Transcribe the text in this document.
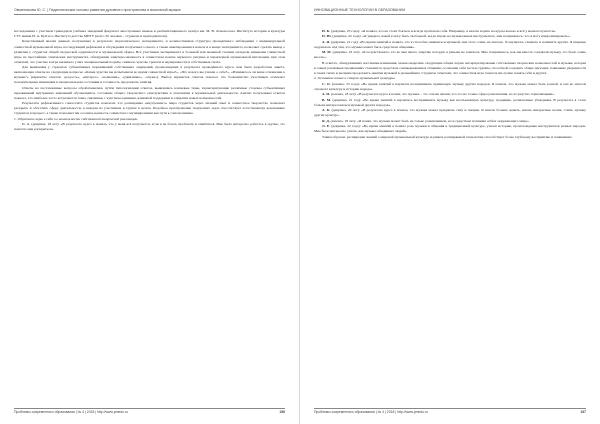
Овчинникова Ю. С. | Педагогические основы развития духовного пространства в вокальной музыке

исследования с участием тринадцати учебных заведений факультет иностранных языков и реабилитационного центра им. М. В. Ломоносова, Института истории и культуры ГТУ имени Н. А. Булгаса, Института детства МПГУ (всего 50 человек – студенты и преподаватели).

Качественный анализ данных, полученных в результате педагогического эксперимента, и количественная структура проведённого наблюдения с индивидуальной совместной музыкальной игры, последующий рефлексии и обсуждения полученного опыта, а также анкетирования в начале и в конце эксперимента, позволяет сделать вывод о развитии у студентов общей творческой одарённости и музыкальной сферы. Все участники эксперимента в большей или меньшей степени овладели навыками совместной игры на простейших этнических инструментах, обнаружили заинтересованность в совместном поиске звукового рисунка и характерной музыкальной интонации, при этом отмечали, что участие в игре вызывало у них эмоциональный подъём, снижало чувство тревоги и неуверенности в собственных силах.

Для выявления у студентов субъективных переживаний собственных ощущений, произошедших в результате проведённого курса, нам была разработана анкета, включающая ответы на следующие вопросы: «Какие чувства вы испытывали во время совместной игры?», «Что нового вы узнали о себе?», «Изменилось ли ваше отношение к музыке?» (варианты ответов: «радость», «интерес», «волнение», «удивление», «скука»). Выбор вариантов ответов показал, что большинство участников отмечают положительные изменения в эмоциональном состоянии и готовность продолжать занятия.

Ответы на поставленные вопросы обрабатывались путём типологизации ответов, выявлялись ключевые темы, характеризующие различные стороны субъективных переживаний внутренних изменений обучающихся, состояние общего творческого самочувствия и отношения к музыкальной деятельности. Анализ полученных ответов показал, что наиболее часто встречаются темы, связанные с чувством единения, взаимной поддержки и открытия новых возможностей.

Результаты рефлексивного самоотчёта студентов показали, что расширение «внутреннего» мира студентов через личный опыт и совместное творчество позволяет раскрыть и обогатить сферу деятельности, в каждом из участников и группе в целом. Подобное преображение творческих задач способствует естественному вовлечению студентов в процесс, а также позволяет им осознать ценность совместного музицирования как пути к самопознанию.

1. Обретение веры в себя и в возможности собственной творческой реализации.

П. А. (девушка, 18 лет): «В результате курса я поняла, что у меня всё получается, если я не боюсь пробовать и ошибаться. Мне было интересно работать в группе, это помогло мне раскрыться».

Проблемы современного образования | № 4 | 2018 | http://www.pmedu.ru	196
ИННОВАЦИОННЫЕ ТЕХНОЛОГИИ В ОБРАЗОВАНИИ

Н. К. (девушка, 23 года): «Я поняла, что не стоит бояться и всегда пробовать себя. Например, я начала ходить на курсы вокала и всё у меня получается».

П. Ю. (девушка, 22 года): «Я увидела, какой я могу быть свободной, когда играю на музыкальных инструментах, мне понравилось, что я могу импровизировать».

А. Я. (девушка, 21 год): «Во время занятий я поняла, что я способна заниматься музыкой, мне этого очень не хватало. Я научилась слышать и понимать других. Я впервые задумалась над тем, что музыка может быть средством общения».

М. М. (девушка, 19 лет): «Я почувствовала, что во мне много энергии, которую я раньше не замечала. Мне понравилось, как мы вместе создавали музыку, это было очень весело».

В ответах, обнаруживших наставшие изменения, можно выделить следующие общие черты: интерпретирование собственных творческих возможностей и музыки, которая в самых различных проявлениях становится средством самовыражения и общения; осознание себя частью группы, способной создавать общее звучание; появление уверенности в своих силах и желание продолжать занятия музыкой в дальнейшем. Студенты отмечали, что совместная игра помогла им лучше понять себя и других.

2. Осознание новых и сторон музыкальной культуры.

С. О. (юноша, 23 года): «Во время занятий я научился воспринимать привычную музыку других народов. Я поняла, что музыка может быть разной, и она во многом отражает культуру и историю народа».

А. И. (юноша, 18 лет): «В результате курса я понял, что музыка – это основа жизни, что это не только сфера развлечения, но и средство гармонизации».

В. М. (девушка, 21 год): «Во время занятий я научилась воспринимать музыку как неотъемлемую культуру, традицию, религиозные убеждения. В результате я стала больше интересоваться музыкой других народов».

А. К. (девушка, 20 лет): «В результате курса я поняла, что музыка может придавать силу и эмоции. Я начала больше ценить, искать интересные песни, стихи, музыку других культур».

Я. Д. (юноша, 18 лет): «Я понял, что музыка может быть не только развлечением, но и средством познания себя и окружающего мира».

Л. Е. (девушка, 22 года): «Во время занятий я поняла роль музыки и общения в традиционной культуре, узнала историю, происхождение инструментов разных народов. Мне было интересно узнать, как музыка объединяет людей».

Таким образом, расширение знаний о мировой музыкальной культуре и рамках расширяемой технологии способствует более глубокому восприятию и пониманию

Проблемы современного образования | № 4 | 2018 | http://www.pmedu.ru	197
